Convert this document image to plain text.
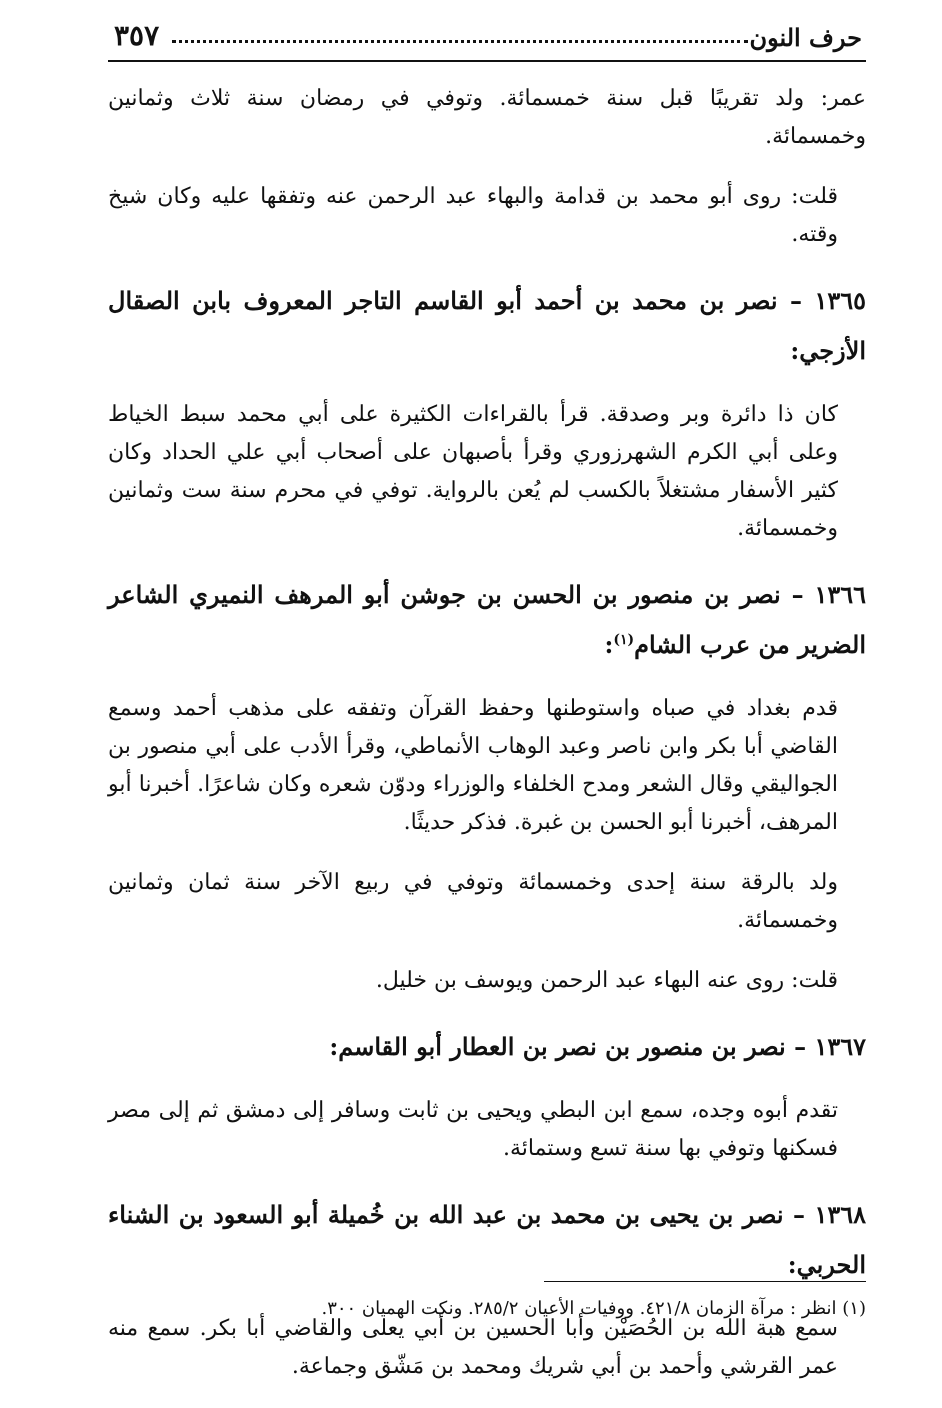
حرف النون
٣٥٧

عمر: ولد تقريبًا قبل سنة خمسمائة. وتوفي في رمضان سنة ثلاث وثمانين وخمسمائة.

قلت: روى أبو محمد بن قدامة والبهاء عبد الرحمن عنه وتفقها عليه وكان شيخ وقته.

١٣٦٥ – نصر بن محمد بن أحمد أبو القاسم التاجر المعروف بابن الصقال الأزجي:

كان ذا دائرة وبر وصدقة. قرأ بالقراءات الكثيرة على أبي محمد سبط الخياط وعلى أبي الكرم الشهرزوري وقرأ بأصبهان على أصحاب أبي علي الحداد وكان كثير الأسفار مشتغلاً بالكسب لم يُعن بالرواية. توفي في محرم سنة ست وثمانين وخمسمائة.

١٣٦٦ – نصر بن منصور بن الحسن بن جوشن أبو المرهف النميري الشاعر الضرير من عرب الشام$^{(١)}$:

قدم بغداد في صباه واستوطنها وحفظ القرآن وتفقه على مذهب أحمد وسمع القاضي أبا بكر وابن ناصر وعبد الوهاب الأنماطي، وقرأ الأدب على أبي منصور بن الجواليقي وقال الشعر ومدح الخلفاء والوزراء ودوّن شعره وكان شاعرًا. أخبرنا أبو المرهف، أخبرنا أبو الحسن بن غبرة. فذكر حديثًا.

ولد بالرقة سنة إحدى وخمسمائة وتوفي في ربيع الآخر سنة ثمان وثمانين وخمسمائة.

قلت: روى عنه البهاء عبد الرحمن ويوسف بن خليل.

١٣٦٧ – نصر بن منصور بن نصر بن العطار أبو القاسم:

تقدم أبوه وجده، سمع ابن البطي ويحيى بن ثابت وسافر إلى دمشق ثم إلى مصر فسكنها وتوفي بها سنة تسع وستمائة.

١٣٦٨ – نصر بن يحيى بن محمد بن عبد الله بن خُميلة أبو السعود بن الشناء الحربي:

سمع هبة الله بن الحُصَيْن وأبا الحسين بن أبي يعلى والقاضي أبا بكر. سمع منه عمر القرشي وأحمد بن أبي شريك ومحمد بن مَشّق وجماعة.

(١) انظر : مرآة الزمان ٤٢١/٨. ووفيات الأعيان ٢٨٥/٢. ونكت الهميان ٣٠٠.
